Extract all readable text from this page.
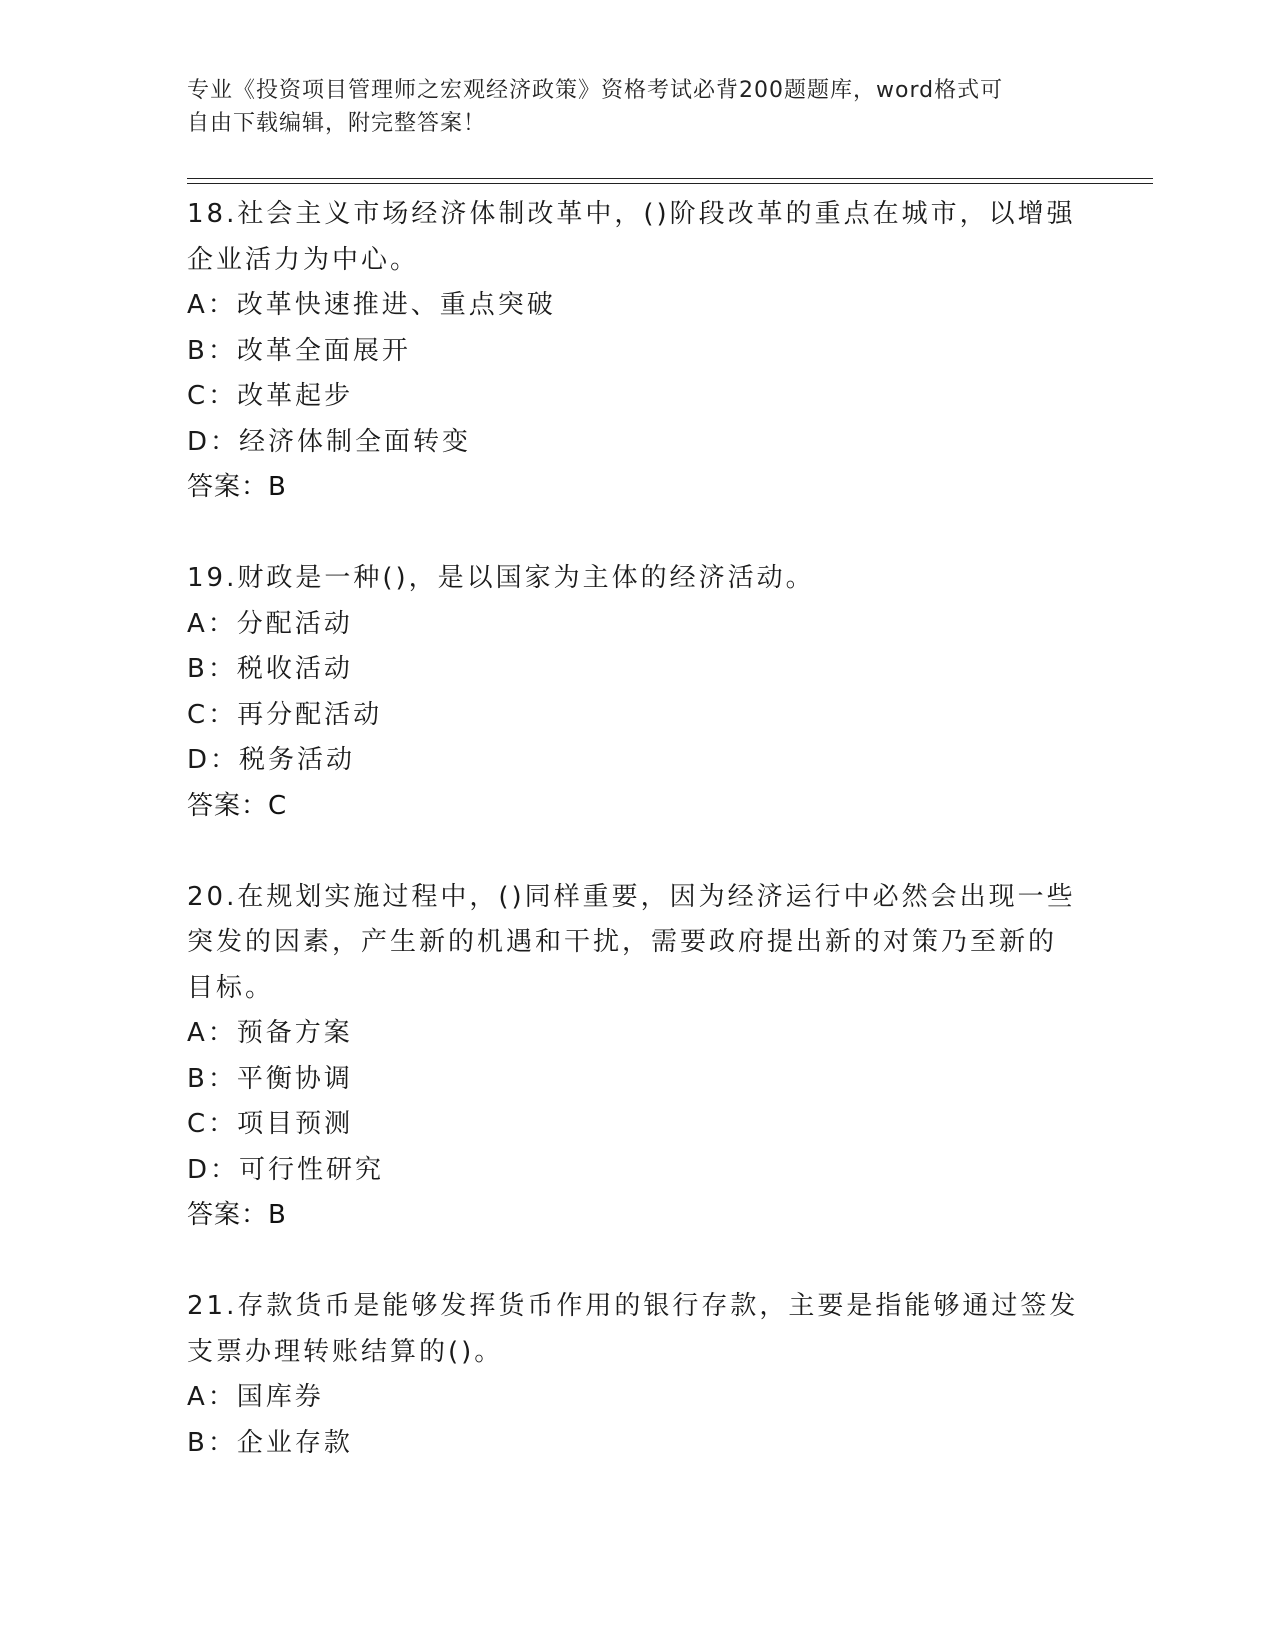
专业《投资项目管理师之宏观经济政策》资格考试必背200题题库，word格式可
自由下载编辑，附完整答案！
18.社会主义市场经济体制改革中，()阶段改革的重点在城市，以增强
企业活力为中心。
A：改革快速推进、重点突破
B：改革全面展开
C：改革起步
D：经济体制全面转变
答案：B
19.财政是一种()，是以国家为主体的经济活动。
A：分配活动
B：税收活动
C：再分配活动
D：税务活动
答案：C
20.在规划实施过程中，()同样重要，因为经济运行中必然会出现一些
突发的因素，产生新的机遇和干扰，需要政府提出新的对策乃至新的
目标。
A：预备方案
B：平衡协调
C：项目预测
D：可行性研究
答案：B
21.存款货币是能够发挥货币作用的银行存款，主要是指能够通过签发
支票办理转账结算的()。
A：国库券
B：企业存款
